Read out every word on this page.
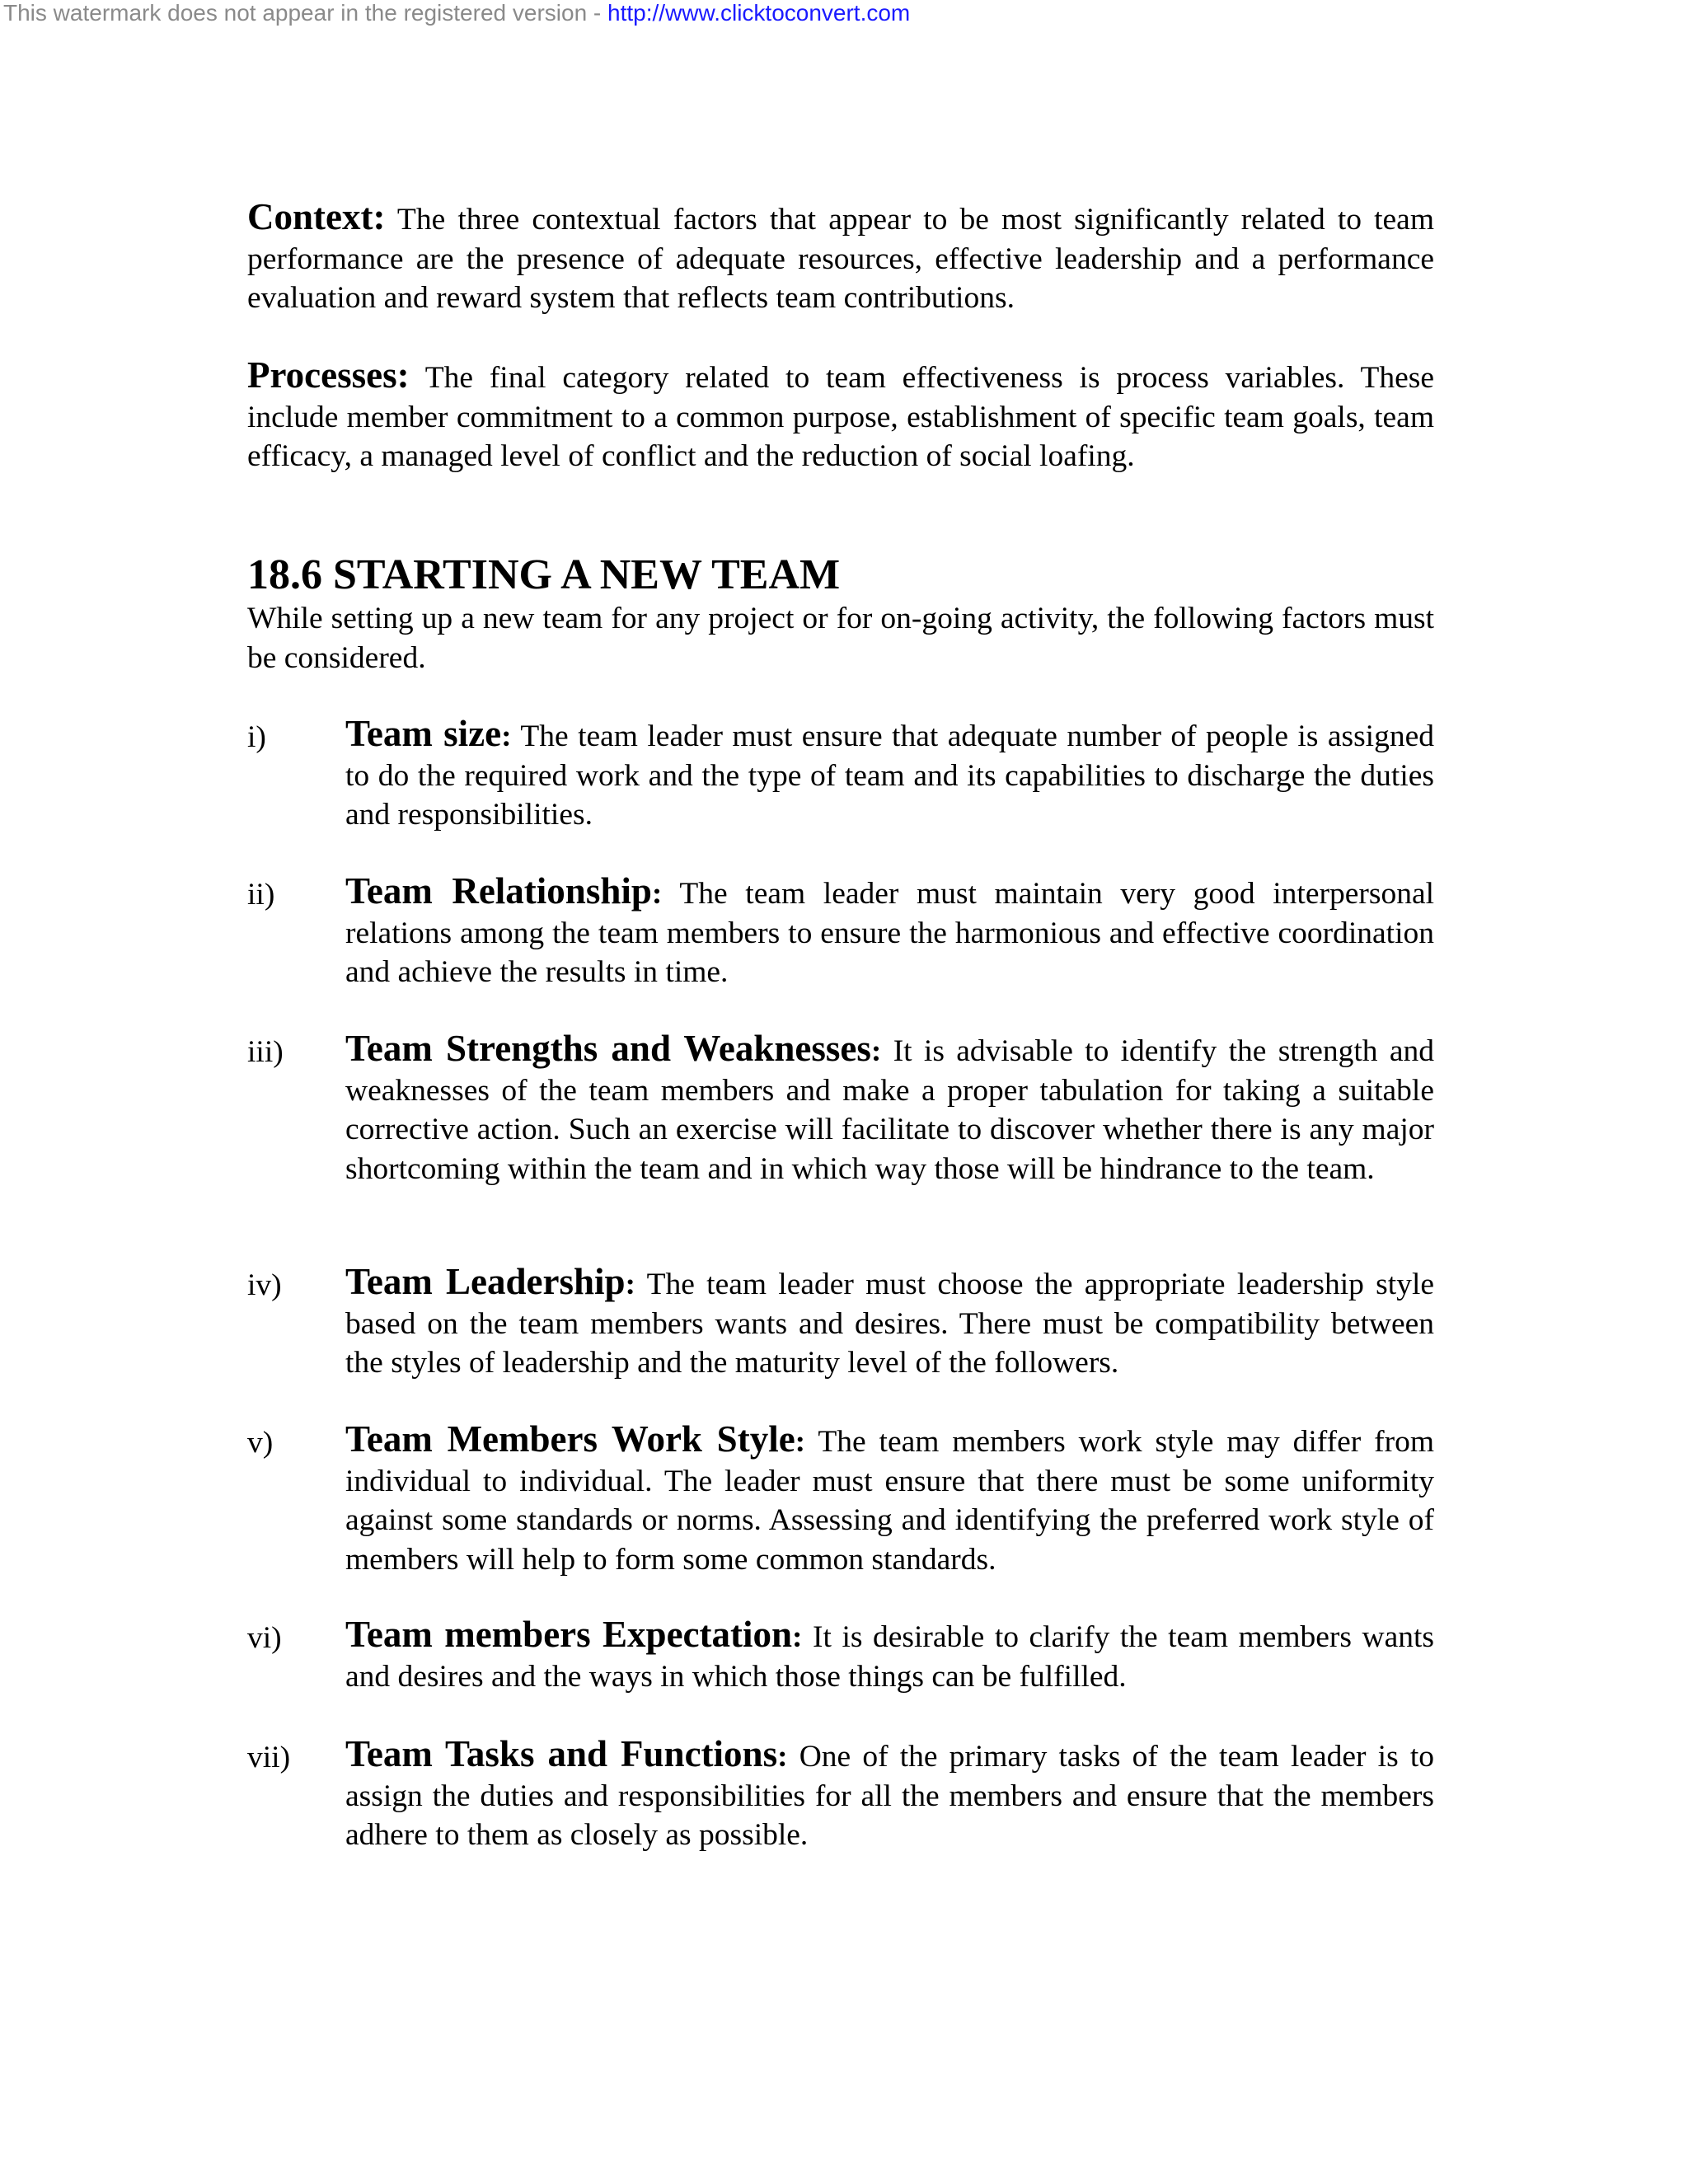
This watermark does not appear in the registered version - http://www.clicktoconvert.com

Context: The three contextual factors that appear to be most significantly related to team performance are the presence of adequate resources, effective leadership and a performance evaluation and reward system that reflects team contributions.

Processes: The final category related to team effectiveness is process variables. These include member commitment to a common purpose, establishment of specific team goals, team efficacy, a managed level of conflict and the reduction of social loafing.

18.6 STARTING A NEW TEAM

While setting up a new team for any project or for on-going activity, the following factors must be considered.

i) Team size: The team leader must ensure that adequate number of people is assigned to do the required work and the type of team and its capabilities to discharge the duties and responsibilities.

ii) Team Relationship: The team leader must maintain very good interpersonal relations among the team members to ensure the harmonious and effective coordination and achieve the results in time.

iii) Team Strengths and Weaknesses: It is advisable to identify the strength and weaknesses of the team members and make a proper tabulation for taking a suitable corrective action. Such an exercise will facilitate to discover whether there is any major shortcoming within the team and in which way those will be hindrance to the team.

iv) Team Leadership: The team leader must choose the appropriate leadership style based on the team members wants and desires. There must be compatibility between the styles of leadership and the maturity level of the followers.

v) Team Members Work Style: The team members work style may differ from individual to individual. The leader must ensure that there must be some uniformity against some standards or norms. Assessing and identifying the preferred work style of members will help to form some common standards.

vi) Team members Expectation: It is desirable to clarify the team members wants and desires and the ways in which those things can be fulfilled.

vii) Team Tasks and Functions: One of the primary tasks of the team leader is to assign the duties and responsibilities for all the members and ensure that the members adhere to them as closely as possible.
